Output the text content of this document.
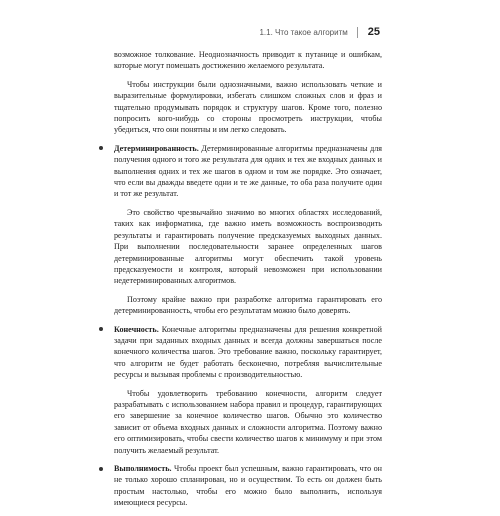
1.1. Что такое алгоритм	25

возможное толкование. Неоднозначность приводит к путанице и ошибкам, которые могут помешать достижению желаемого результата.

Чтобы инструкции были однозначными, важно использовать четкие и выразительные формулировки, избегать слишком сложных слов и фраз и тщательно продумывать порядок и структуру шагов. Кроме того, полезно попросить кого-нибудь со стороны просмотреть инструкции, чтобы убедиться, что они понятны и им легко следовать.

Детерминированность. Детерминированные алгоритмы предназначены для получения одного и того же результата для одних и тех же входных данных и выполнения одних и тех же шагов в одном и том же порядке. Это означает, что если вы дважды введете одни и те же данные, то оба раза получите один и тот же результат.

Это свойство чрезвычайно значимо во многих областях исследований, таких как информатика, где важно иметь возможность воспроизводить результаты и гарантировать получение предсказуемых выходных данных. При выполнении последовательности заранее определенных шагов детерминированные алгоритмы могут обеспечить такой уровень предсказуемости и контроля, который невозможен при использовании недетерминированных алгоритмов.

Поэтому крайне важно при разработке алгоритма гарантировать его детерминированность, чтобы его результатам можно было доверять.

Конечность. Конечные алгоритмы предназначены для решения конкретной задачи при заданных входных данных и всегда должны завершаться после конечного количества шагов. Это требование важно, поскольку гарантирует, что алгоритм не будет работать бесконечно, потребляя вычислительные ресурсы и вызывая проблемы с производительностью.

Чтобы удовлетворить требованию конечности, алгоритм следует разрабатывать с использованием набора правил и процедур, гарантирующих его завершение за конечное количество шагов. Обычно это количество зависит от объема входных данных и сложности алгоритма. Поэтому важно его оптимизировать, чтобы свести количество шагов к минимуму и при этом получить желаемый результат.

Выполнимость. Чтобы проект был успешным, важно гарантировать, что он не только хорошо спланирован, но и осуществим. То есть он должен быть простым настолько, чтобы его можно было выполнить, используя имеющиеся ресурсы.
